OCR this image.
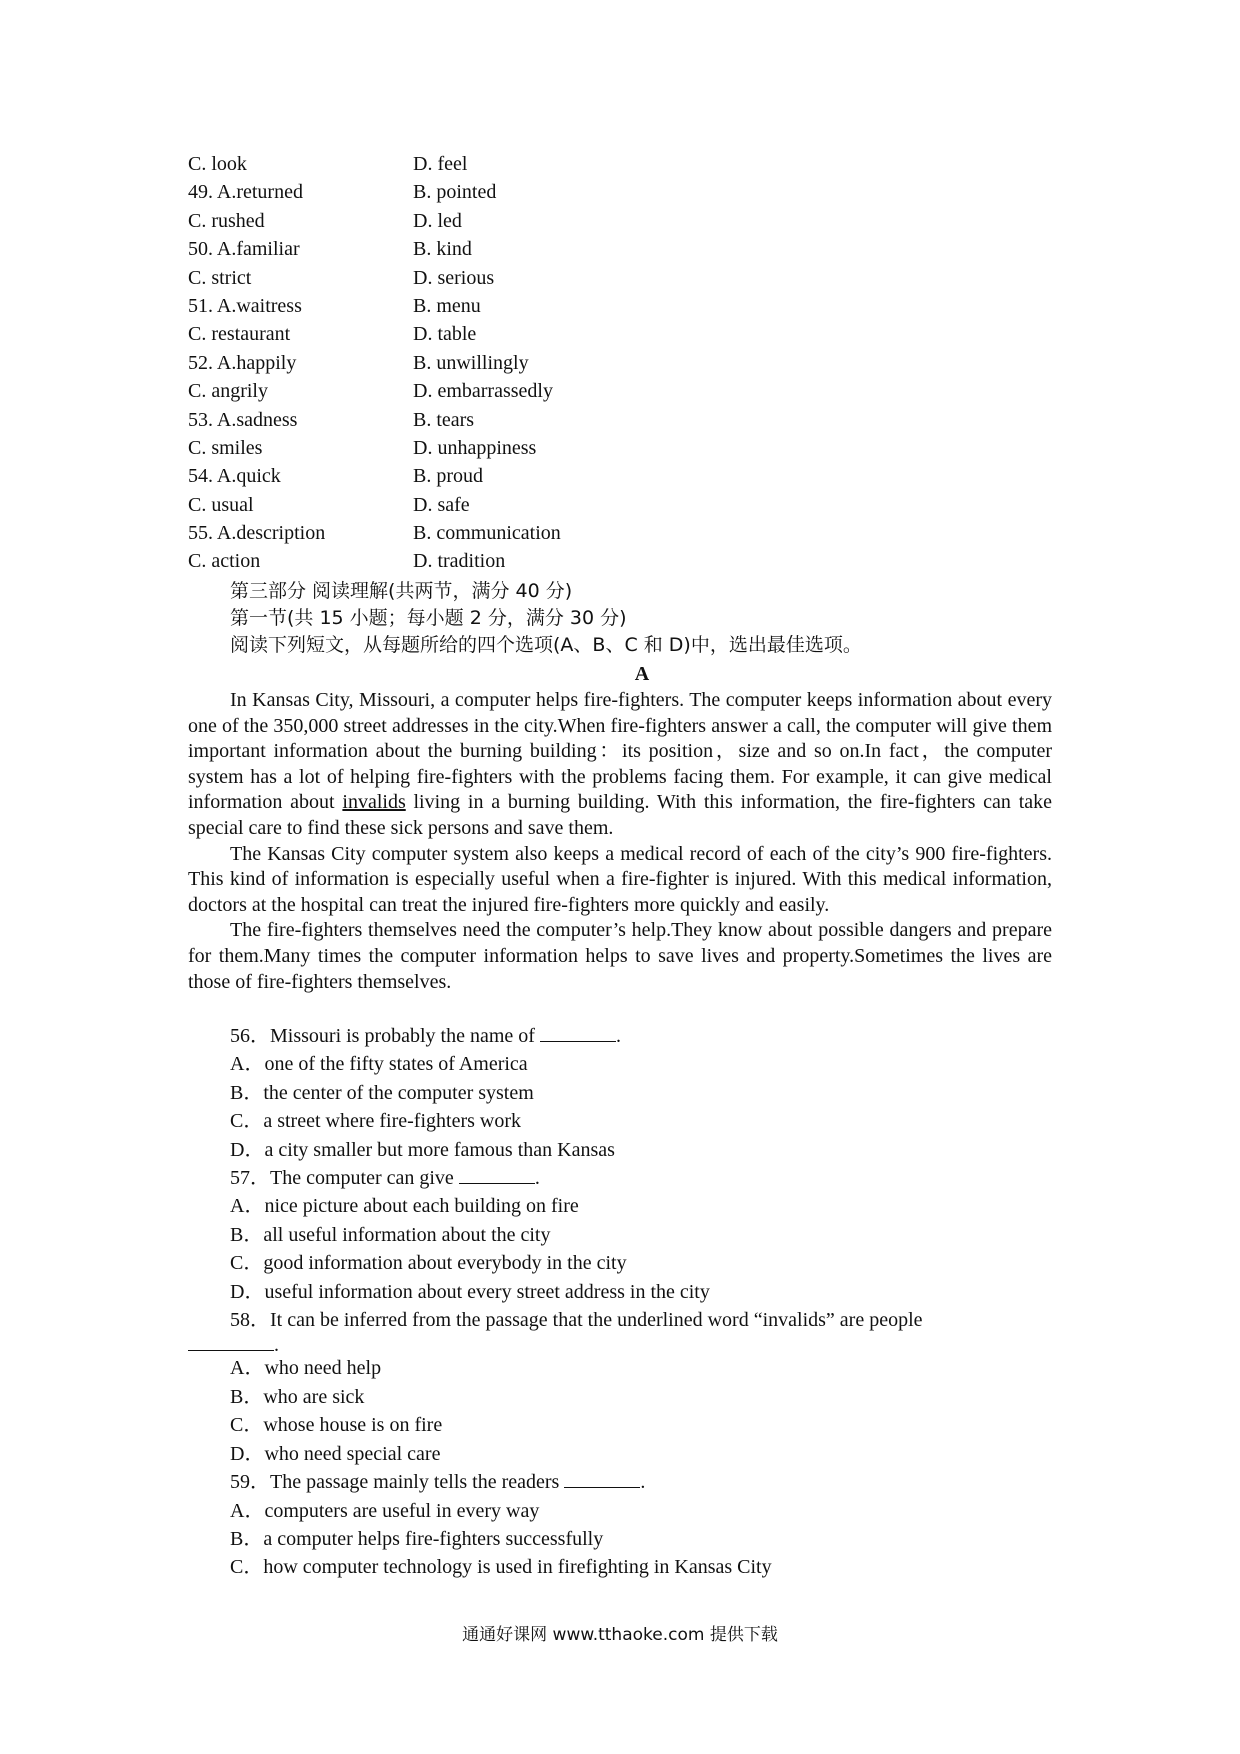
C. look	D. feel
49. A.returned	B. pointed
C. rushed	D. led
50. A.familiar	B. kind
C. strict	D. serious
51. A.waitress	B. menu
C. restaurant	D. table
52. A.happily	B. unwillingly
C. angrily	D. embarrassedly
53. A.sadness	B. tears
C. smiles	D. unhappiness
54. A.quick	B. proud
C. usual	D. safe
55. A.description	B. communication
C. action	D. tradition
第三部分 阅读理解(共两节，满分 40 分)
第一节(共 15 小题；每小题 2 分，满分 30 分)
阅读下列短文，从每题所给的四个选项(A、B、C 和 D)中，选出最佳选项。
A

In Kansas City, Missouri, a computer helps fire-fighters. The computer keeps information about every one of the 350,000 street addresses in the city.When fire-fighters answer a call, the computer will give them important information about the burning building：its position，size and so on.In fact，the computer system has a lot of helping fire-fighters with the problems facing them. For example, it can give medical information about invalids living in a burning building. With this information, the fire-fighters can take special care to find these sick persons and save them.

The Kansas City computer system also keeps a medical record of each of the city’s 900 fire-fighters. This kind of information is especially useful when a fire-fighter is injured. With this medical information, doctors at the hospital can treat the injured fire-fighters more quickly and easily.

The fire-fighters themselves need the computer’s help.They know about possible dangers and prepare for them.Many times the computer information helps to save lives and property.Sometimes the lives are those of fire-fighters themselves.

56．Missouri is probably the name of	.
A．one of the fifty states of America
B．the center of the computer system
C．a street where fire-fighters work
D．a city smaller but more famous than Kansas
57．The computer can give	.
A．nice picture about each building on fire
B．all useful information about the city
C．good information about everybody in the city
D．useful information about every street address in the city
58．It can be inferred from the passage that the underlined word “invalids” are people
.
A．who need help
B．who are sick
C．whose house is on fire
D．who need special care
59．The passage mainly tells the readers	.
A．computers are useful in every way
B．a computer helps fire-fighters successfully
C．how computer technology is used in firefighting in Kansas City
通通好课网 www.tthaoke.com 提供下载
